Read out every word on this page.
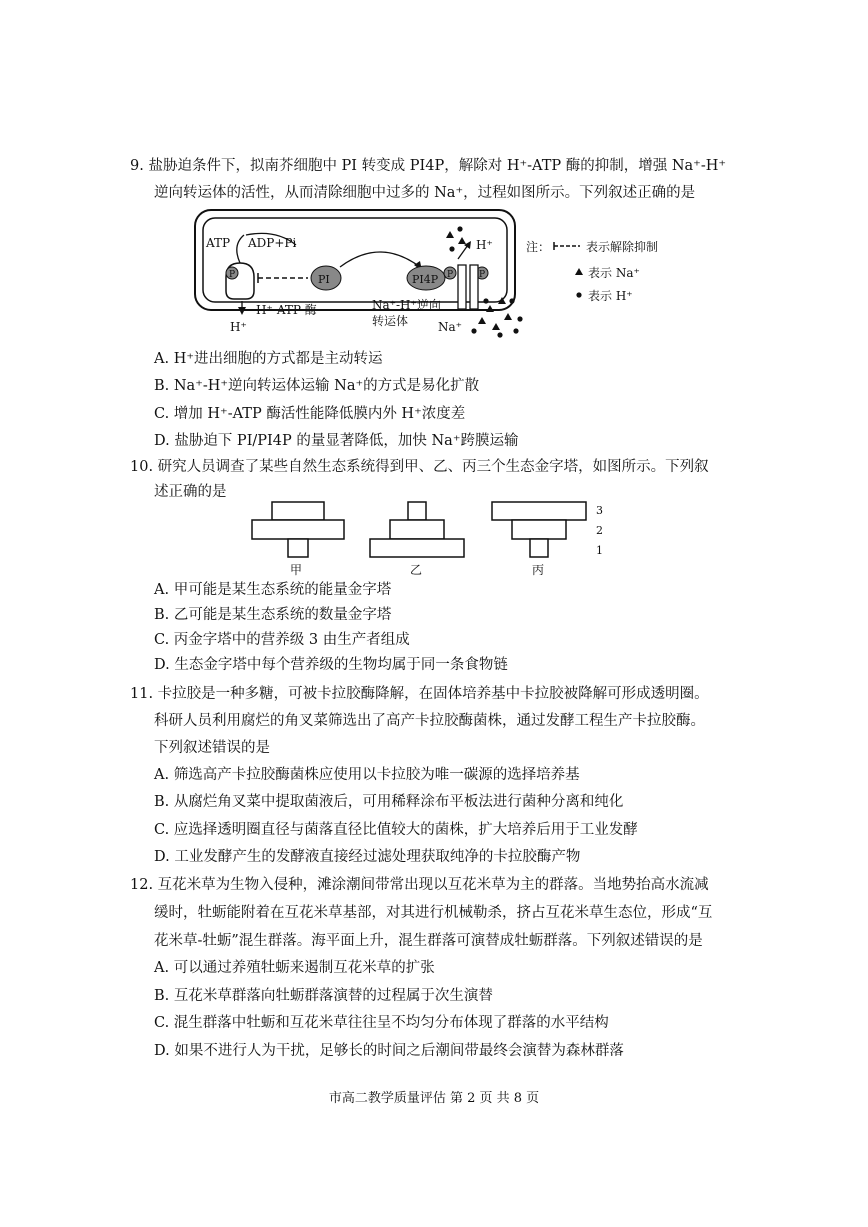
9. 盐胁迫条件下，拟南芥细胞中 PI 转变成 PI4P，解除对 H⁺-ATP 酶的抑制，增强 Na⁺-H⁺
逆向转运体的活性，从而清除细胞中过多的 Na⁺，过程如图所示。下列叙述正确的是
P
ATP ADP+Pi
H⁺-ATP 酶
H⁺
PI	PI4P P	P
H⁺
Na⁺-H⁺逆向
转运体 Na⁺
注：	表示解除抑制
表示 Na⁺
表示 H⁺
A. H⁺进出细胞的方式都是主动转运
B. Na⁺-H⁺逆向转运体运输 Na⁺的方式是易化扩散
C. 增加 H⁺-ATP 酶活性能降低膜内外 H⁺浓度差
D. 盐胁迫下 PI/PI4P 的量显著降低，加快 Na⁺跨膜运输
10. 研究人员调查了某些自然生态系统得到甲、乙、丙三个生态金字塔，如图所示。下列叙
述正确的是
甲	乙	丙
3
2
1
A. 甲可能是某生态系统的能量金字塔
B. 乙可能是某生态系统的数量金字塔
C. 丙金字塔中的营养级 3 由生产者组成
D. 生态金字塔中每个营养级的生物均属于同一条食物链
11. 卡拉胶是一种多糖，可被卡拉胶酶降解，在固体培养基中卡拉胶被降解可形成透明圈。
科研人员利用腐烂的角叉菜筛选出了高产卡拉胶酶菌株，通过发酵工程生产卡拉胶酶。
下列叙述错误的是
A. 筛选高产卡拉胶酶菌株应使用以卡拉胶为唯一碳源的选择培养基
B. 从腐烂角叉菜中提取菌液后，可用稀释涂布平板法进行菌种分离和纯化
C. 应选择透明圈直径与菌落直径比值较大的菌株，扩大培养后用于工业发酵
D. 工业发酵产生的发酵液直接经过滤处理获取纯净的卡拉胶酶产物
12. 互花米草为生物入侵种，滩涂潮间带常出现以互花米草为主的群落。当地势抬高水流减
缓时，牡蛎能附着在互花米草基部，对其进行机械勒杀，挤占互花米草生态位，形成“互
花米草-牡蛎”混生群落。海平面上升，混生群落可演替成牡蛎群落。下列叙述错误的是
A. 可以通过养殖牡蛎来遏制互花米草的扩张
B. 互花米草群落向牡蛎群落演替的过程属于次生演替
C. 混生群落中牡蛎和互花米草往往呈不均匀分布体现了群落的水平结构
D. 如果不进行人为干扰，足够长的时间之后潮间带最终会演替为森林群落
市高二教学质量评估 第 2 页 共 8 页
